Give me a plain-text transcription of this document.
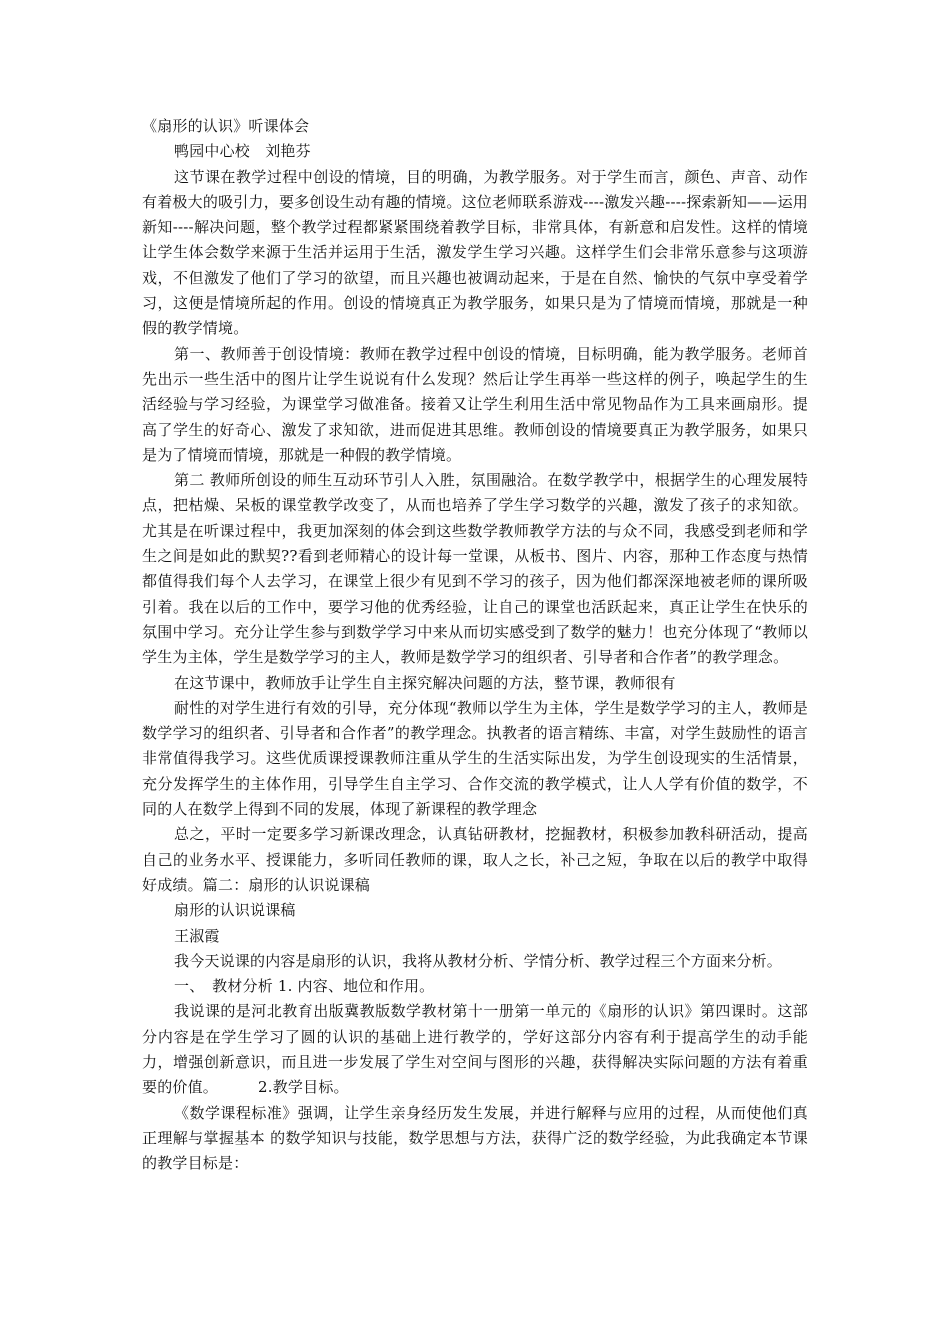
《扇形的认识》听课体会
鸭园中心校　刘艳芬

这节课在教学过程中创设的情境，目的明确，为教学服务。对于学生而言，颜色、声音、动作有着极大的吸引力，要多创设生动有趣的情境。这位老师联系游戏----激发兴趣----探索新知——运用新知----解决问题，整个教学过程都紧紧围绕着教学目标，非常具体，有新意和启发性。这样的情境让学生体会数学来源于生活并运用于生活，激发学生学习兴趣。这样学生们会非常乐意参与这项游戏，不但激发了他们了学习的欲望，而且兴趣也被调动起来，于是在自然、愉快的气氛中享受着学习，这便是情境所起的作用。创设的情境真正为教学服务，如果只是为了情境而情境，那就是一种假的教学情境。

第一、教师善于创设情境：教师在教学过程中创设的情境，目标明确，能为教学服务。老师首先出示一些生活中的图片让学生说说有什么发现？然后让学生再举一些这样的例子，唤起学生的生活经验与学习经验，为课堂学习做准备。接着又让学生利用生活中常见物品作为工具来画扇形。提高了学生的好奇心、激发了求知欲，进而促进其思维。教师创设的情境要真正为教学服务，如果只是为了情境而情境，那就是一种假的教学情境。

第二 教师所创设的师生互动环节引人入胜，氛围融洽。在数学教学中，根据学生的心理发展特点，把枯燥、呆板的课堂教学改变了，从而也培养了学生学习数学的兴趣，激发了孩子的求知欲。尤其是在听课过程中，我更加深刻的体会到这些数学教师教学方法的与众不同，我感受到老师和学生之间是如此的默契??看到老师精心的设计每一堂课，从板书、图片、内容，那种工作态度与热情都值得我们每个人去学习，在课堂上很少有见到不学习的孩子，因为他们都深深地被老师的课所吸引着。我在以后的工作中，要学习他的优秀经验，让自己的课堂也活跃起来，真正让学生在快乐的氛围中学习。充分让学生参与到数学学习中来从而切实感受到了数学的魅力！也充分体现了“教师以学生为主体，学生是数学学习的主人，教师是数学学习的组织者、引导者和合作者”的教学理念。

在这节课中，教师放手让学生自主探究解决问题的方法，整节课，教师很有

耐性的对学生进行有效的引导，充分体现“教师以学生为主体，学生是数学学习的主人，教师是数学学习的组织者、引导者和合作者”的教学理念。执教者的语言精练、丰富，对学生鼓励性的语言非常值得我学习。这些优质课授课教师注重从学生的生活实际出发，为学生创设现实的生活情景，充分发挥学生的主体作用，引导学生自主学习、合作交流的教学模式，让人人学有价值的数学，不同的人在数学上得到不同的发展，体现了新课程的教学理念

总之，平时一定要多学习新课改理念，认真钻研教材，挖掘教材，积极参加教科研活动，提高自己的业务水平、授课能力，多听同任教师的课，取人之长，补己之短，争取在以后的教学中取得好成绩。篇二：扇形的认识说课稿

扇形的认识说课稿

王淑霞

我今天说课的内容是扇形的认识，我将从教材分析、学情分析、教学过程三个方面来分析。

一、　教材分析 1. 内容、地位和作用。

我说课的是河北教育出版冀教版数学教材第十一册第一单元的《扇形的认识》第四课时。这部分内容是在学生学习了圆的认识的基础上进行教学的，学好这部分内容有利于提高学生的动手能力，增强创新意识，而且进一步发展了学生对空间与图形的兴趣，获得解决实际问题的方法有着重要的价值。	2.教学目标。

《数学课程标准》强调，让学生亲身经历发生发展，并进行解释与应用的过程，从而使他们真正理解与掌握基本 的数学知识与技能，数学思想与方法，获得广泛的数学经验，为此我确定本节课的教学目标是：
